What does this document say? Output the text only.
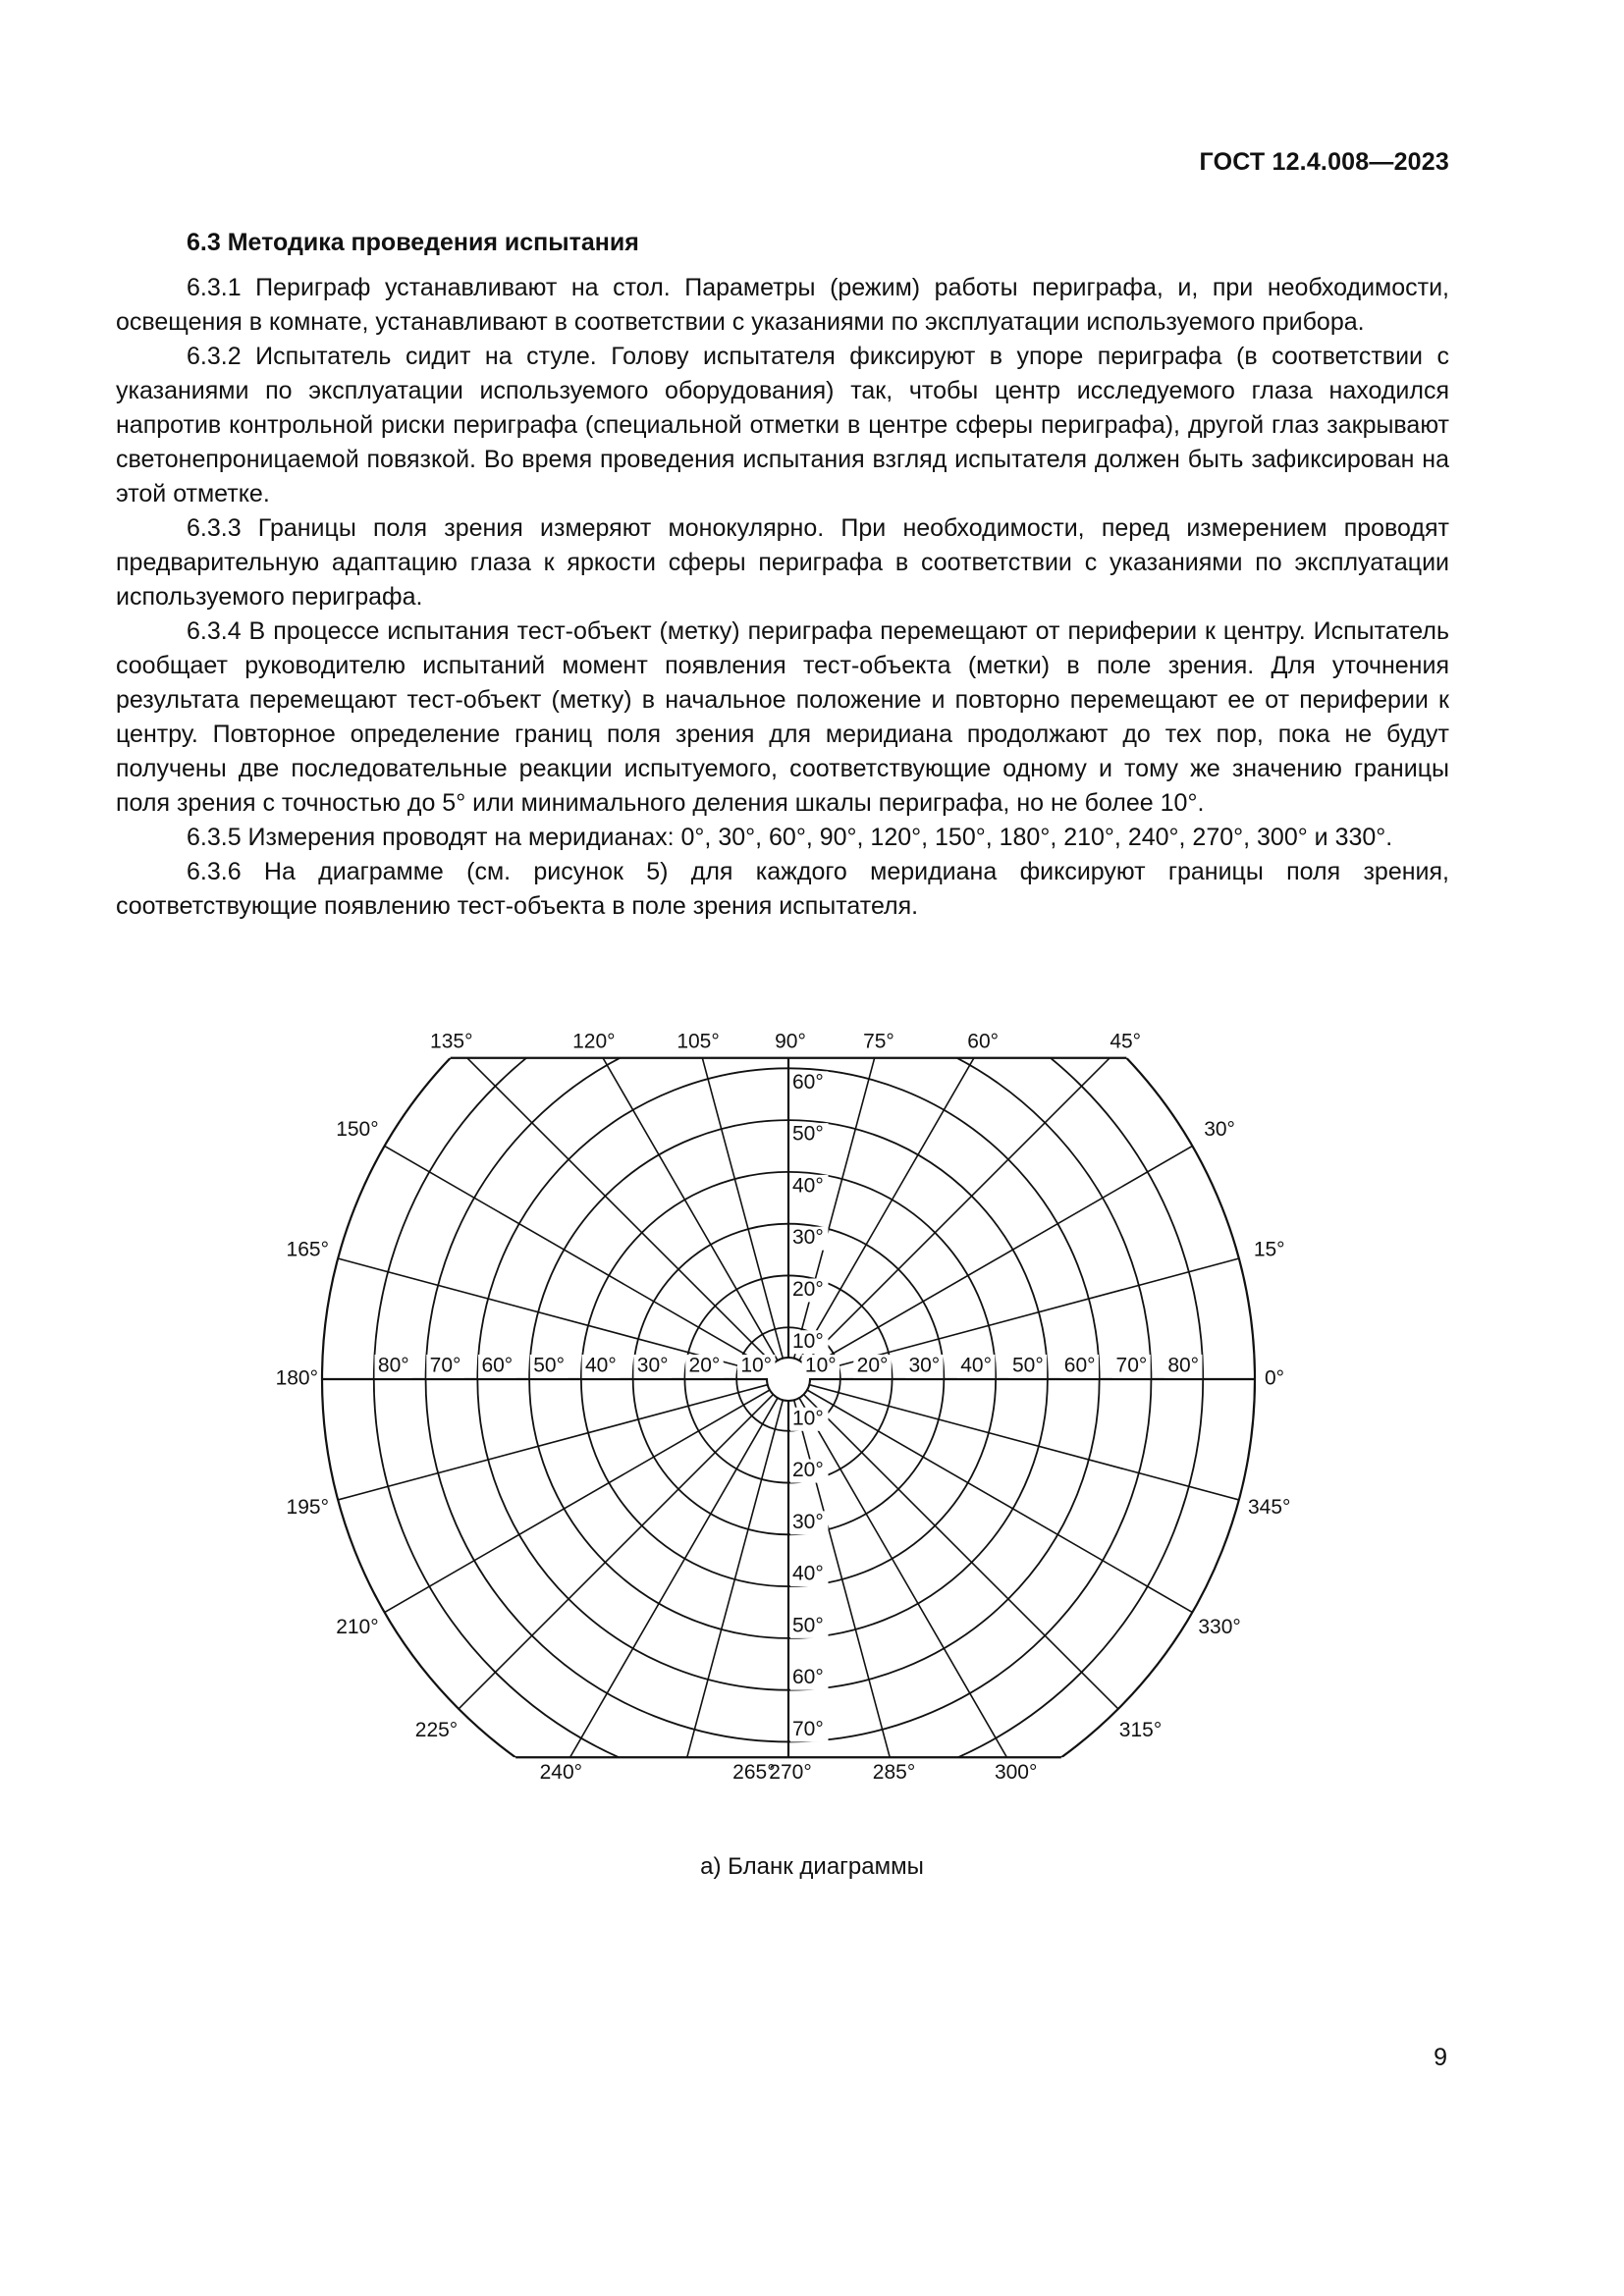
ГОСТ 12.4.008—2023
6.3 Методика проведения испытания

6.3.1 Периграф устанавливают на стол. Параметры (режим) работы периграфа, и, при необходимости, освещения в комнате, устанавливают в соответствии с указаниями по эксплуатации используемого прибора.

6.3.2 Испытатель сидит на стуле. Голову испытателя фиксируют в упоре периграфа (в соответствии с указаниями по эксплуатации используемого оборудования) так, чтобы центр исследуемого глаза находился напротив контрольной риски периграфа (специальной отметки в центре сферы периграфа), другой глаз закрывают светонепроницаемой повязкой. Во время проведения испытания взгляд испытателя должен быть зафиксирован на этой отметке.

6.3.3 Границы поля зрения измеряют монокулярно. При необходимости, перед измерением проводят предварительную адаптацию глаза к яркости сферы периграфа в соответствии с указаниями по эксплуатации используемого периграфа.

6.3.4 В процессе испытания тест-объект (метку) периграфа перемещают от периферии к центру. Испытатель сообщает руководителю испытаний момент появления тест-объекта (метки) в поле зрения. Для уточнения результата перемещают тест-объект (метку) в начальное положение и повторно перемещают ее от периферии к центру. Повторное определение границ поля зрения для меридиана продолжают до тех пор, пока не будут получены две последовательные реакции испытуемого, соответствующие одному и тому же значению границы поля зрения с точностью до 5° или минимального деления шкалы периграфа, но не более 10°.

6.3.5 Измерения проводят на меридианах: 0°, 30°, 60°, 90°, 120°, 150°, 180°, 210°, 240°, 270°, 300° и 330°.

6.3.6 На диаграмме (см. рисунок 5) для каждого меридиана фиксируют границы поля зрения, соответствующие появлению тест-объекта в поле зрения испытателя.

80° 70° 60° 50° 40° 30° 20° 10° 10° 20° 30° 40° 50° 60° 70° 80°
10°
20°
30°
40°
50°
60°
10°
20°
30°
40°
50°
60°
70°
0°
15°
30°
45°
60°
75°
90°
105°
120°
135°
150°
165°
180°
195°
210°
225°
240°	265°
270°	285°	300°
315°
330°
345°
а) Бланк диаграммы
9
